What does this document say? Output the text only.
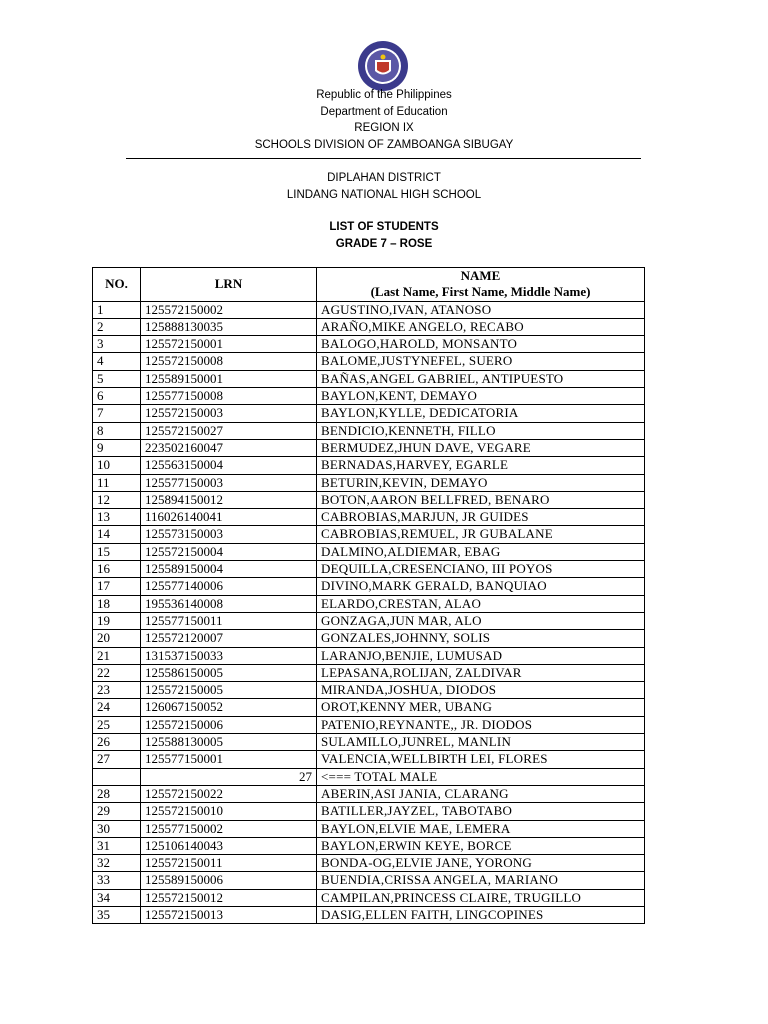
Republic of the Philippines
Department of Education
REGION IX
SCHOOLS DIVISION OF ZAMBOANGA SIBUGAY
DIPLAHAN DISTRICT
LINDANG NATIONAL HIGH SCHOOL
LIST OF STUDENTS
GRADE 7 – ROSE
NO.	LRN	NAME
(Last Name, First Name, Middle Name)

1	125572150002	AGUSTINO,IVAN, ATANOSO
2	125888130035	ARAÑO,MIKE ANGELO, RECABO
3	125572150001	BALOGO,HAROLD, MONSANTO
4	125572150008	BALOME,JUSTYNEFEL, SUERO
5	125589150001	BAÑAS,ANGEL GABRIEL, ANTIPUESTO
6	125577150008	BAYLON,KENT, DEMAYO
7	125572150003	BAYLON,KYLLE, DEDICATORIA
8	125572150027	BENDICIO,KENNETH, FILLO
9	223502160047	BERMUDEZ,JHUN DAVE, VEGARE
10	125563150004	BERNADAS,HARVEY, EGARLE
11	125577150003	BETURIN,KEVIN, DEMAYO
12	125894150012	BOTON,AARON BELLFRED, BENARO
13	116026140041	CABROBIAS,MARJUN, JR GUIDES
14	125573150003	CABROBIAS,REMUEL, JR GUBALANE
15	125572150004	DALMINO,ALDIEMAR, EBAG
16	125589150004	DEQUILLA,CRESENCIANO, III POYOS
17	125577140006	DIVINO,MARK GERALD, BANQUIAO
18	195536140008	ELARDO,CRESTAN, ALAO
19	125577150011	GONZAGA,JUN MAR, ALO
20	125572120007	GONZALES,JOHNNY, SOLIS
21	131537150033	LARANJO,BENJIE, LUMUSAD
22	125586150005	LEPASANA,ROLIJAN, ZALDIVAR
23	125572150005	MIRANDA,JOSHUA, DIODOS
24	126067150052	OROT,KENNY MER, UBANG
25	125572150006	PATENIO,REYNANTE,, JR. DIODOS
26	125588130005	SULAMILLO,JUNREL, MANLIN
27	125577150001	VALENCIA,WELLBIRTH LEI, FLORES
	27	<=== TOTAL MALE
28	125572150022	ABERIN,ASI JANIA, CLARANG
29	125572150010	BATILLER,JAYZEL, TABOTABO
30	125577150002	BAYLON,ELVIE MAE, LEMERA
31	125106140043	BAYLON,ERWIN KEYE, BORCE
32	125572150011	BONDA-OG,ELVIE JANE, YORONG
33	125589150006	BUENDIA,CRISSA ANGELA, MARIANO
34	125572150012	CAMPILAN,PRINCESS CLAIRE, TRUGILLO
35	125572150013	DASIG,ELLEN FAITH, LINGCOPINES
